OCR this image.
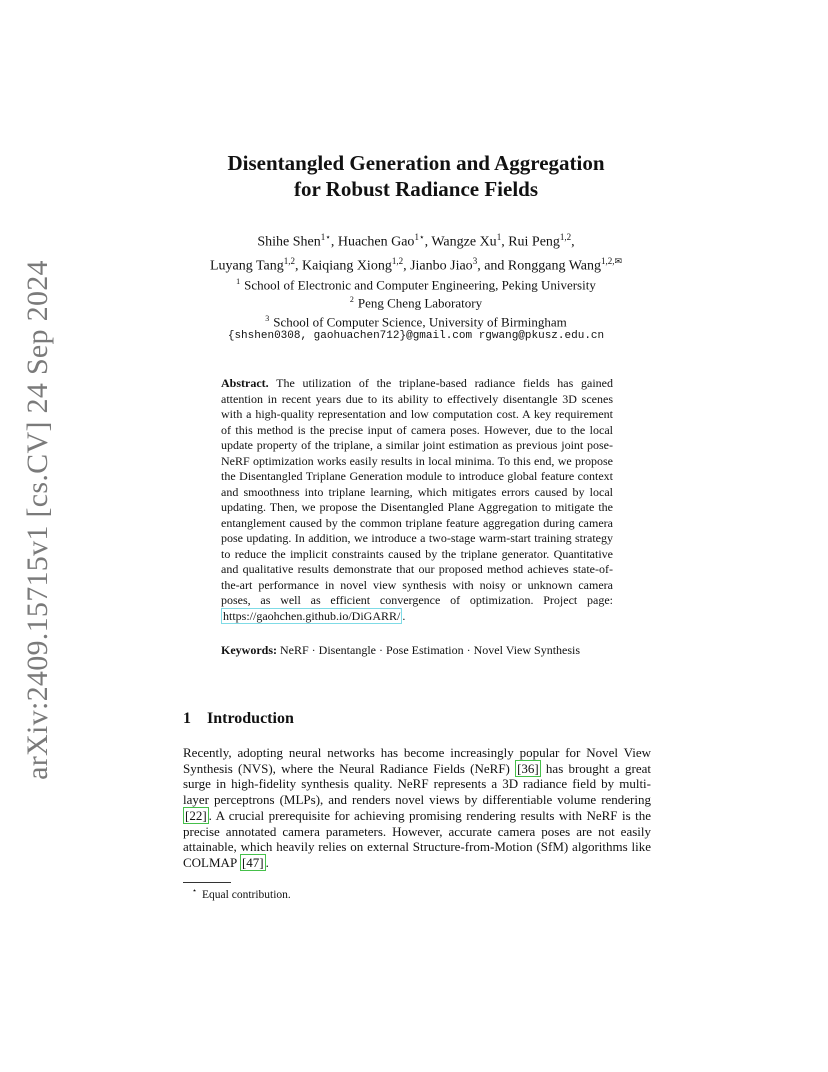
arXiv:2409.15715v1 [cs.CV] 24 Sep 2024
Disentangled Generation and Aggregation
for Robust Radiance Fields
Shihe Shen$^{1⋆}$, Huachen Gao$^{1⋆}$, Wangze Xu$^1$, Rui Peng$^{1,2}$,
Luyang Tang$^{1,2}$, Kaiqiang Xiong$^{1,2}$, Jianbo Jiao$^3$, and Ronggang Wang$^{1,2,✉}$
$^1$ School of Electronic and Computer Engineering, Peking University
$^2$ Peng Cheng Laboratory
$^3$ School of Computer Science, University of Birmingham
{shshen0308, gaohuachen712}@gmail.com rgwang@pkusz.edu.cn
Abstract. The utilization of the triplane-based radiance fields has gained attention in recent years due to its ability to effectively disentangle 3D scenes with a high-quality representation and low computation cost. A key requirement of this method is the precise input of camera poses. However, due to the local update property of the triplane, a similar joint estimation as previous joint pose-NeRF optimization works easily results in local minima. To this end, we propose the Disentangled Triplane Generation module to introduce global feature context and smoothness into triplane learning, which mitigates errors caused by local updating. Then, we propose the Disentangled Plane Aggregation to mitigate the entanglement caused by the common triplane feature aggregation during camera pose updating. In addition, we introduce a two-stage warm-start training strategy to reduce the implicit constraints caused by the triplane generator. Quantitative and qualitative results demonstrate that our proposed method achieves state-of-the-art performance in novel view synthesis with noisy or unknown camera poses, as well as efficient convergence of optimization. Project page: https://gaohchen.github.io/DiGARR/ .
Keywords: NeRF · Disentangle · Pose Estimation · Novel View Synthesis
1 Introduction
Recently, adopting neural networks has become increasingly popular for Novel View Synthesis (NVS), where the Neural Radiance Fields (NeRF) [36] has brought a great surge in high-fidelity synthesis quality. NeRF represents a 3D radiance field by multi-layer perceptrons (MLPs), and renders novel views by differentiable volume rendering [22] . A crucial prerequisite for achieving promising rendering results with NeRF is the precise annotated camera parameters. However, accurate camera poses are not easily attainable, which heavily relies on external Structure-from-Motion (SfM) algorithms like COLMAP [47] .
⋆ Equal contribution.
